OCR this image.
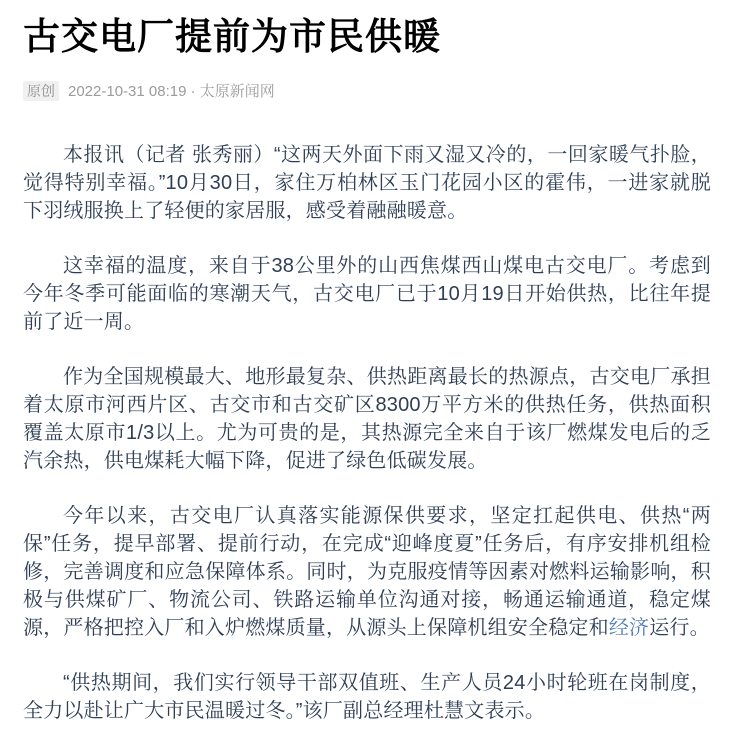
古交电厂提前为市民供暖
原创 2022-10-31 08:19 · 太原新闻网

本报讯（记者 张秀丽）“这两天外面下雨又湿又冷的，一回家暖气扑脸，觉得特别幸福。”10月30日，家住万柏林区玉门花园小区的霍伟，一进家就脱下羽绒服换上了轻便的家居服，感受着融融暖意。

这幸福的温度，来自于38公里外的山西焦煤西山煤电古交电厂。考虑到今年冬季可能面临的寒潮天气，古交电厂已于10月19日开始供热，比往年提前了近一周。

作为全国规模最大、地形最复杂、供热距离最长的热源点，古交电厂承担着太原市河西片区、古交市和古交矿区8300万平方米的供热任务，供热面积覆盖太原市1/3以上。尤为可贵的是，其热源完全来自于该厂燃煤发电后的乏汽余热，供电煤耗大幅下降，促进了绿色低碳发展。

今年以来，古交电厂认真落实能源保供要求，坚定扛起供电、供热“两保”任务，提早部署、提前行动，在完成“迎峰度夏”任务后，有序安排机组检修，完善调度和应急保障体系。同时，为克服疫情等因素对燃料运输影响，积极与供煤矿厂、物流公司、铁路运输单位沟通对接，畅通运输通道，稳定煤源，严格把控入厂和入炉燃煤质量，从源头上保障机组安全稳定和经济运行。

“供热期间，我们实行领导干部双值班、生产人员24小时轮班在岗制度，全力以赴让广大市民温暖过冬。”该厂副总经理杜慧文表示。
